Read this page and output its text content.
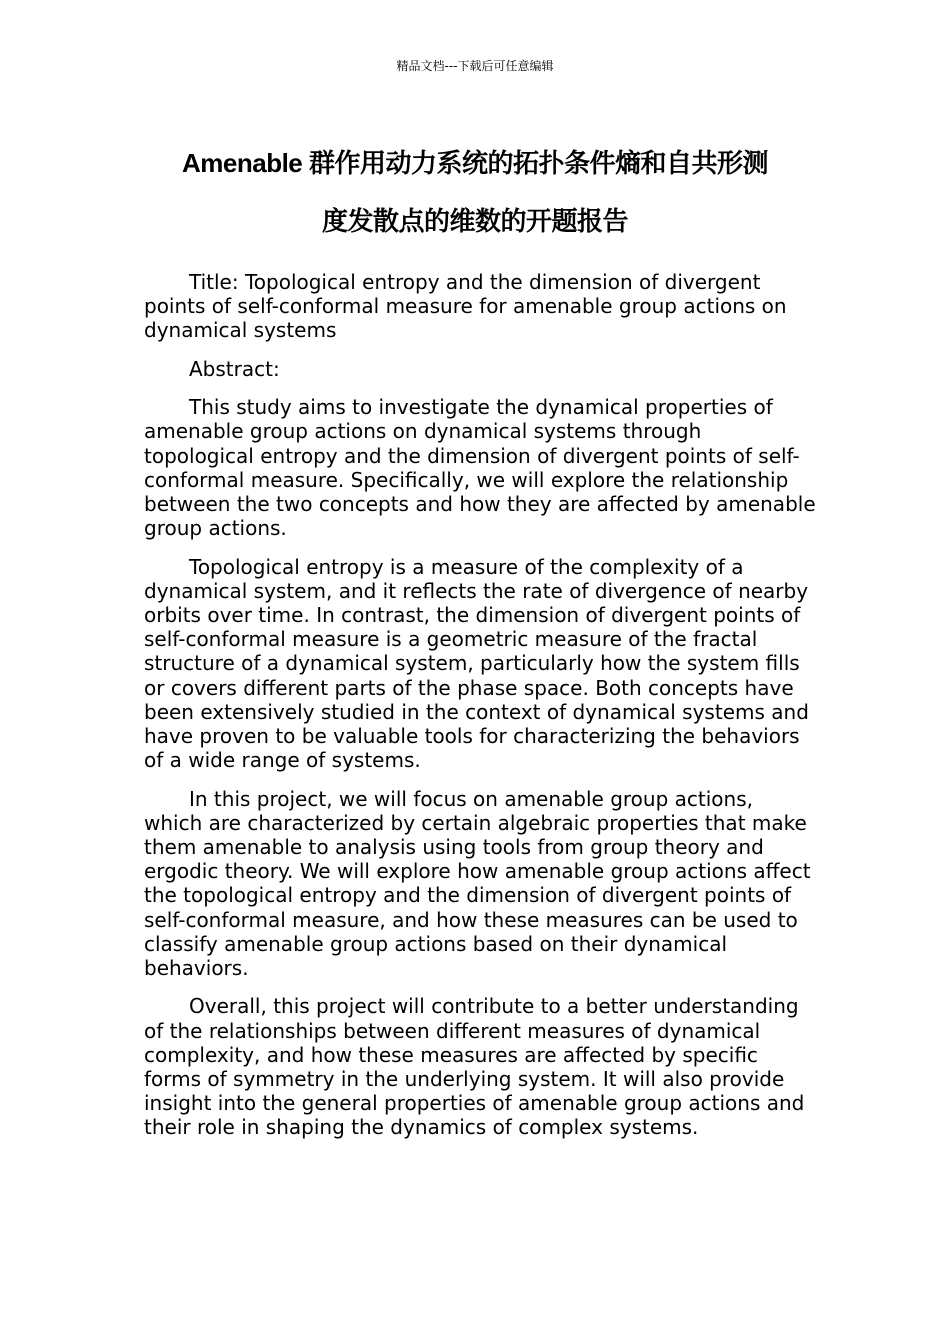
精品文档---下载后可任意编辑
Amenable 群作用动力系统的拓扑条件熵和自共形测
度发散点的维数的开题报告

Title: Topological entropy and the dimension of divergent points of self-conformal measure for amenable group actions on dynamical systems

Abstract:

This study aims to investigate the dynamical properties of amenable group actions on dynamical systems through topological entropy and the dimension of divergent points of self-conformal measure. Specifically, we will explore the relationship between the two concepts and how they are affected by amenable group actions.

Topological entropy is a measure of the complexity of a dynamical system, and it reflects the rate of divergence of nearby orbits over time. In contrast, the dimension of divergent points of self-conformal measure is a geometric measure of the fractal structure of a dynamical system, particularly how the system fills or covers different parts of the phase space. Both concepts have been extensively studied in the context of dynamical systems and have proven to be valuable tools for characterizing the behaviors of a wide range of systems.

In this project, we will focus on amenable group actions, which are characterized by certain algebraic properties that make them amenable to analysis using tools from group theory and ergodic theory. We will explore how amenable group actions affect the topological entropy and the dimension of divergent points of self-conformal measure, and how these measures can be used to classify amenable group actions based on their dynamical behaviors.

Overall, this project will contribute to a better understanding of the relationships between different measures of dynamical complexity, and how these measures are affected by specific forms of symmetry in the underlying system. It will also provide insight into the general properties of amenable group actions and their role in shaping the dynamics of complex systems.
